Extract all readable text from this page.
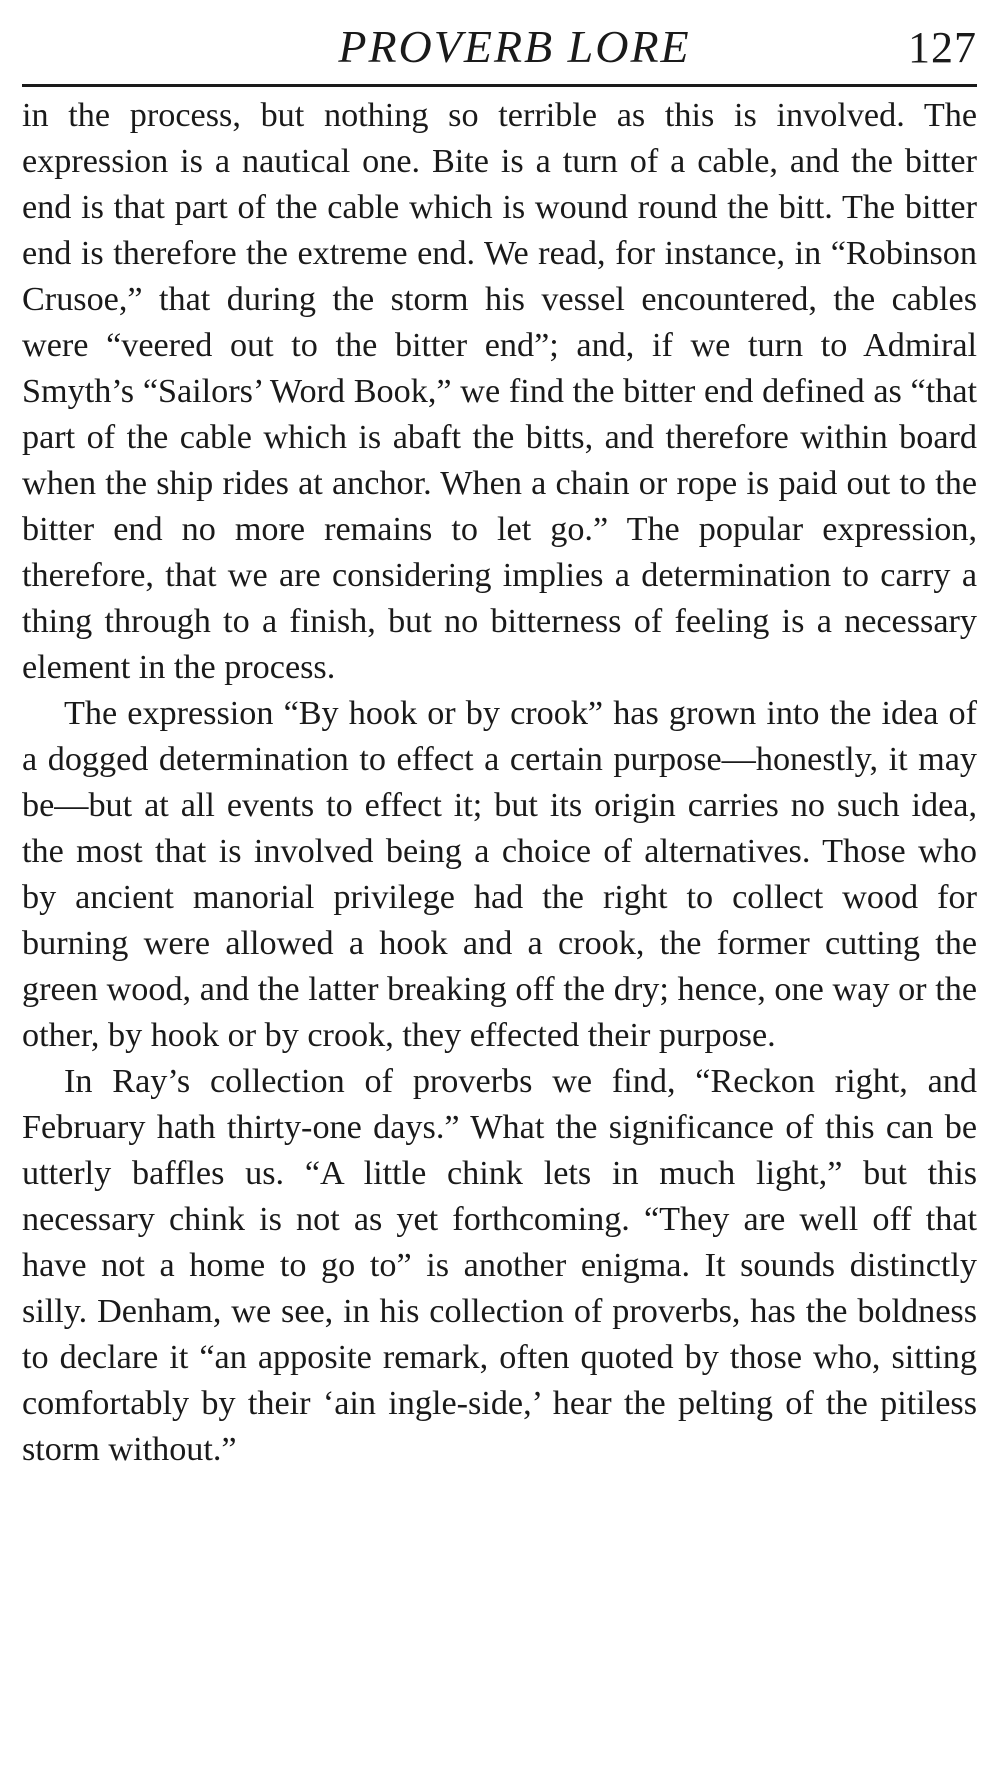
PROVERB LORE	127

in the process, but nothing so terrible as this is involved. The expression is a nautical one. Bite is a turn of a cable, and the bitter end is that part of the cable which is wound round the bitt. The bitter end is therefore the extreme end. We read, for instance, in “Robinson Crusoe,” that during the storm his vessel encountered, the cables were “veered out to the bitter end”; and, if we turn to Admiral Smyth’s “Sailors’ Word Book,” we find the bitter end defined as “that part of the cable which is abaft the bitts, and therefore within board when the ship rides at anchor. When a chain or rope is paid out to the bitter end no more remains to let go.” The popular expression, therefore, that we are considering implies a determination to carry a thing through to a finish, but no bitterness of feeling is a necessary element in the process.

The expression “By hook or by crook” has grown into the idea of a dogged determination to effect a certain purpose—honestly, it may be—but at all events to effect it; but its origin carries no such idea, the most that is involved being a choice of alternatives. Those who by ancient manorial privilege had the right to collect wood for burning were allowed a hook and a crook, the former cutting the green wood, and the latter breaking off the dry; hence, one way or the other, by hook or by crook, they effected their purpose.

In Ray’s collection of proverbs we find, “Reckon right, and February hath thirty-one days.” What the significance of this can be utterly baffles us. “A little chink lets in much light,” but this necessary chink is not as yet forthcoming. “They are well off that have not a home to go to” is another enigma. It sounds distinctly silly. Denham, we see, in his collection of proverbs, has the boldness to declare it “an apposite remark, often quoted by those who, sitting comfortably by their ‘ain ingle-side,’ hear the pelting of the pitiless storm without.”
